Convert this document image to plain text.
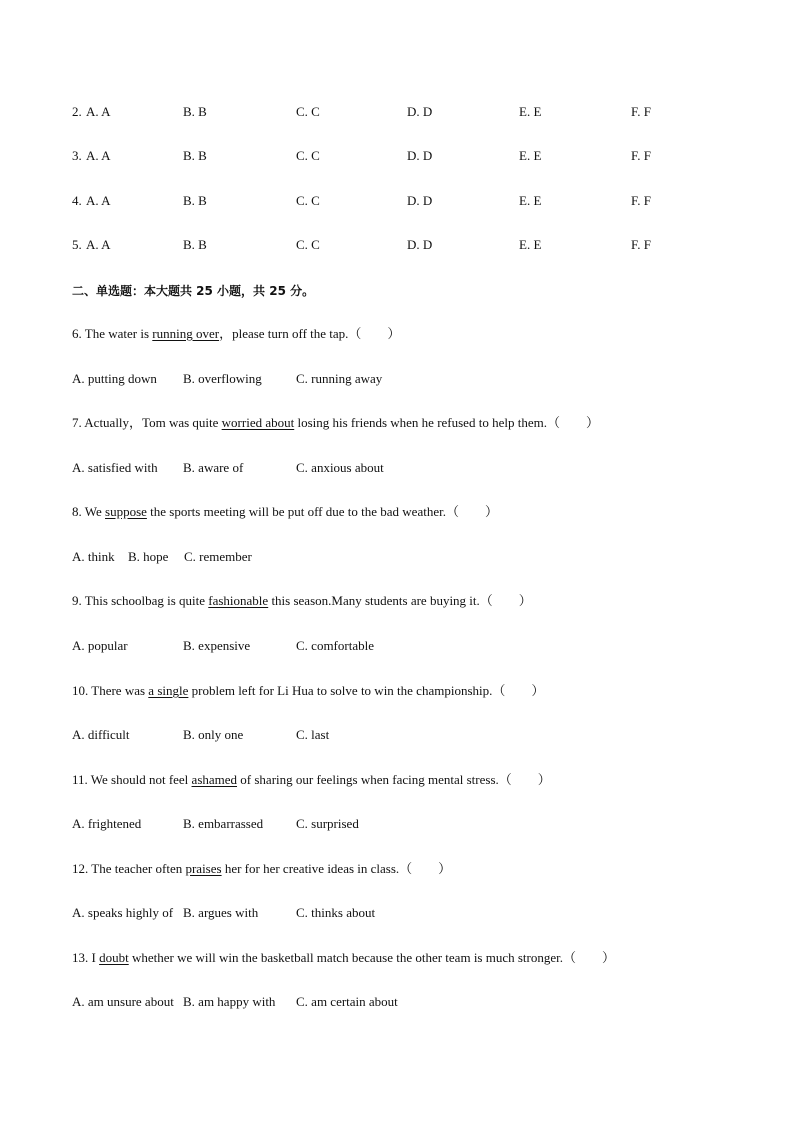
2. A. A	B. B	C. C	D. D	E. E	F. F
3. A. A	B. B	C. C	D. D	E. E	F. F
4. A. A	B. B	C. C	D. D	E. E	F. F
5. A. A	B. B	C. C	D. D	E. E	F. F
二、单选题：本大题共 25 小题，共 25 分。
6. The water is running over，please turn off the tap.（　　）
A. putting down B. overflowing	C. running away
7. Actually，Tom was quite worried about losing his friends when he refused to help them.（　　）
A. satisfied with B. aware of	C. anxious about
8. We suppose the sports meeting will be put off due to the bad weather.（　　）
A. think B. hope C. remember
9. This schoolbag is quite fashionable this season.Many students are buying it.（　　）
A. popular	B. expensive	C. comfortable
10. There was a single problem left for Li Hua to solve to win the championship.（　　）
A. difficult	B. only one	C. last
11. We should not feel ashamed of sharing our feelings when facing mental stress.（　　）
A. frightened	B. embarrassed	C. surprised
12. The teacher often praises her for her creative ideas in class.（　　）
A. speaks highly of B. argues with	C. thinks about
13. I doubt whether we will win the basketball match because the other team is much stronger.（　　）
A. am unsure about B. am happy with C. am certain about
